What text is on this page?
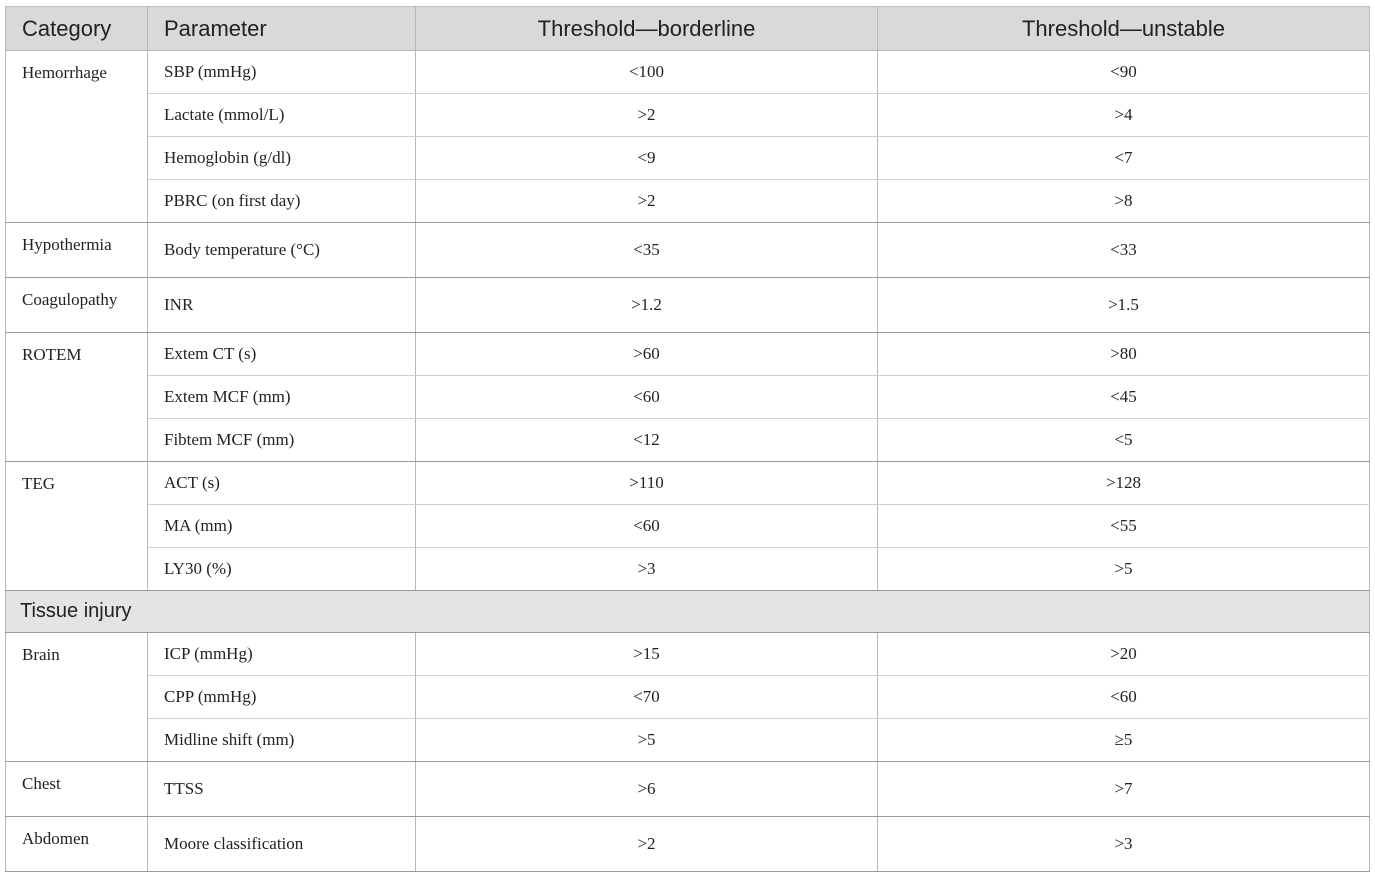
Category	Parameter	Threshold—borderline	Threshold—unstable
Hemorrhage	SBP (mmHg)	<100	<90
	Lactate (mmol/L)	>2	>4
	Hemoglobin (g/dl)	<9	<7
	PBRC (on first day)	>2	>8
Hypothermia	Body temperature (°C)	<35	<33
Coagulopathy	INR	>1.2	>1.5
ROTEM	Extem CT (s)	>60	>80
	Extem MCF (mm)	<60	<45
	Fibtem MCF (mm)	<12	<5
TEG	ACT (s)	>110	>128
	MA (mm)	<60	<55
	LY30 (%)	>3	>5
Tissue injury			
Brain	ICP (mmHg)	>15	>20
	CPP (mmHg)	<70	<60
	Midline shift (mm)	>5	≥5
Chest	TTSS	>6	>7
Abdomen	Moore classification	>2	>3
